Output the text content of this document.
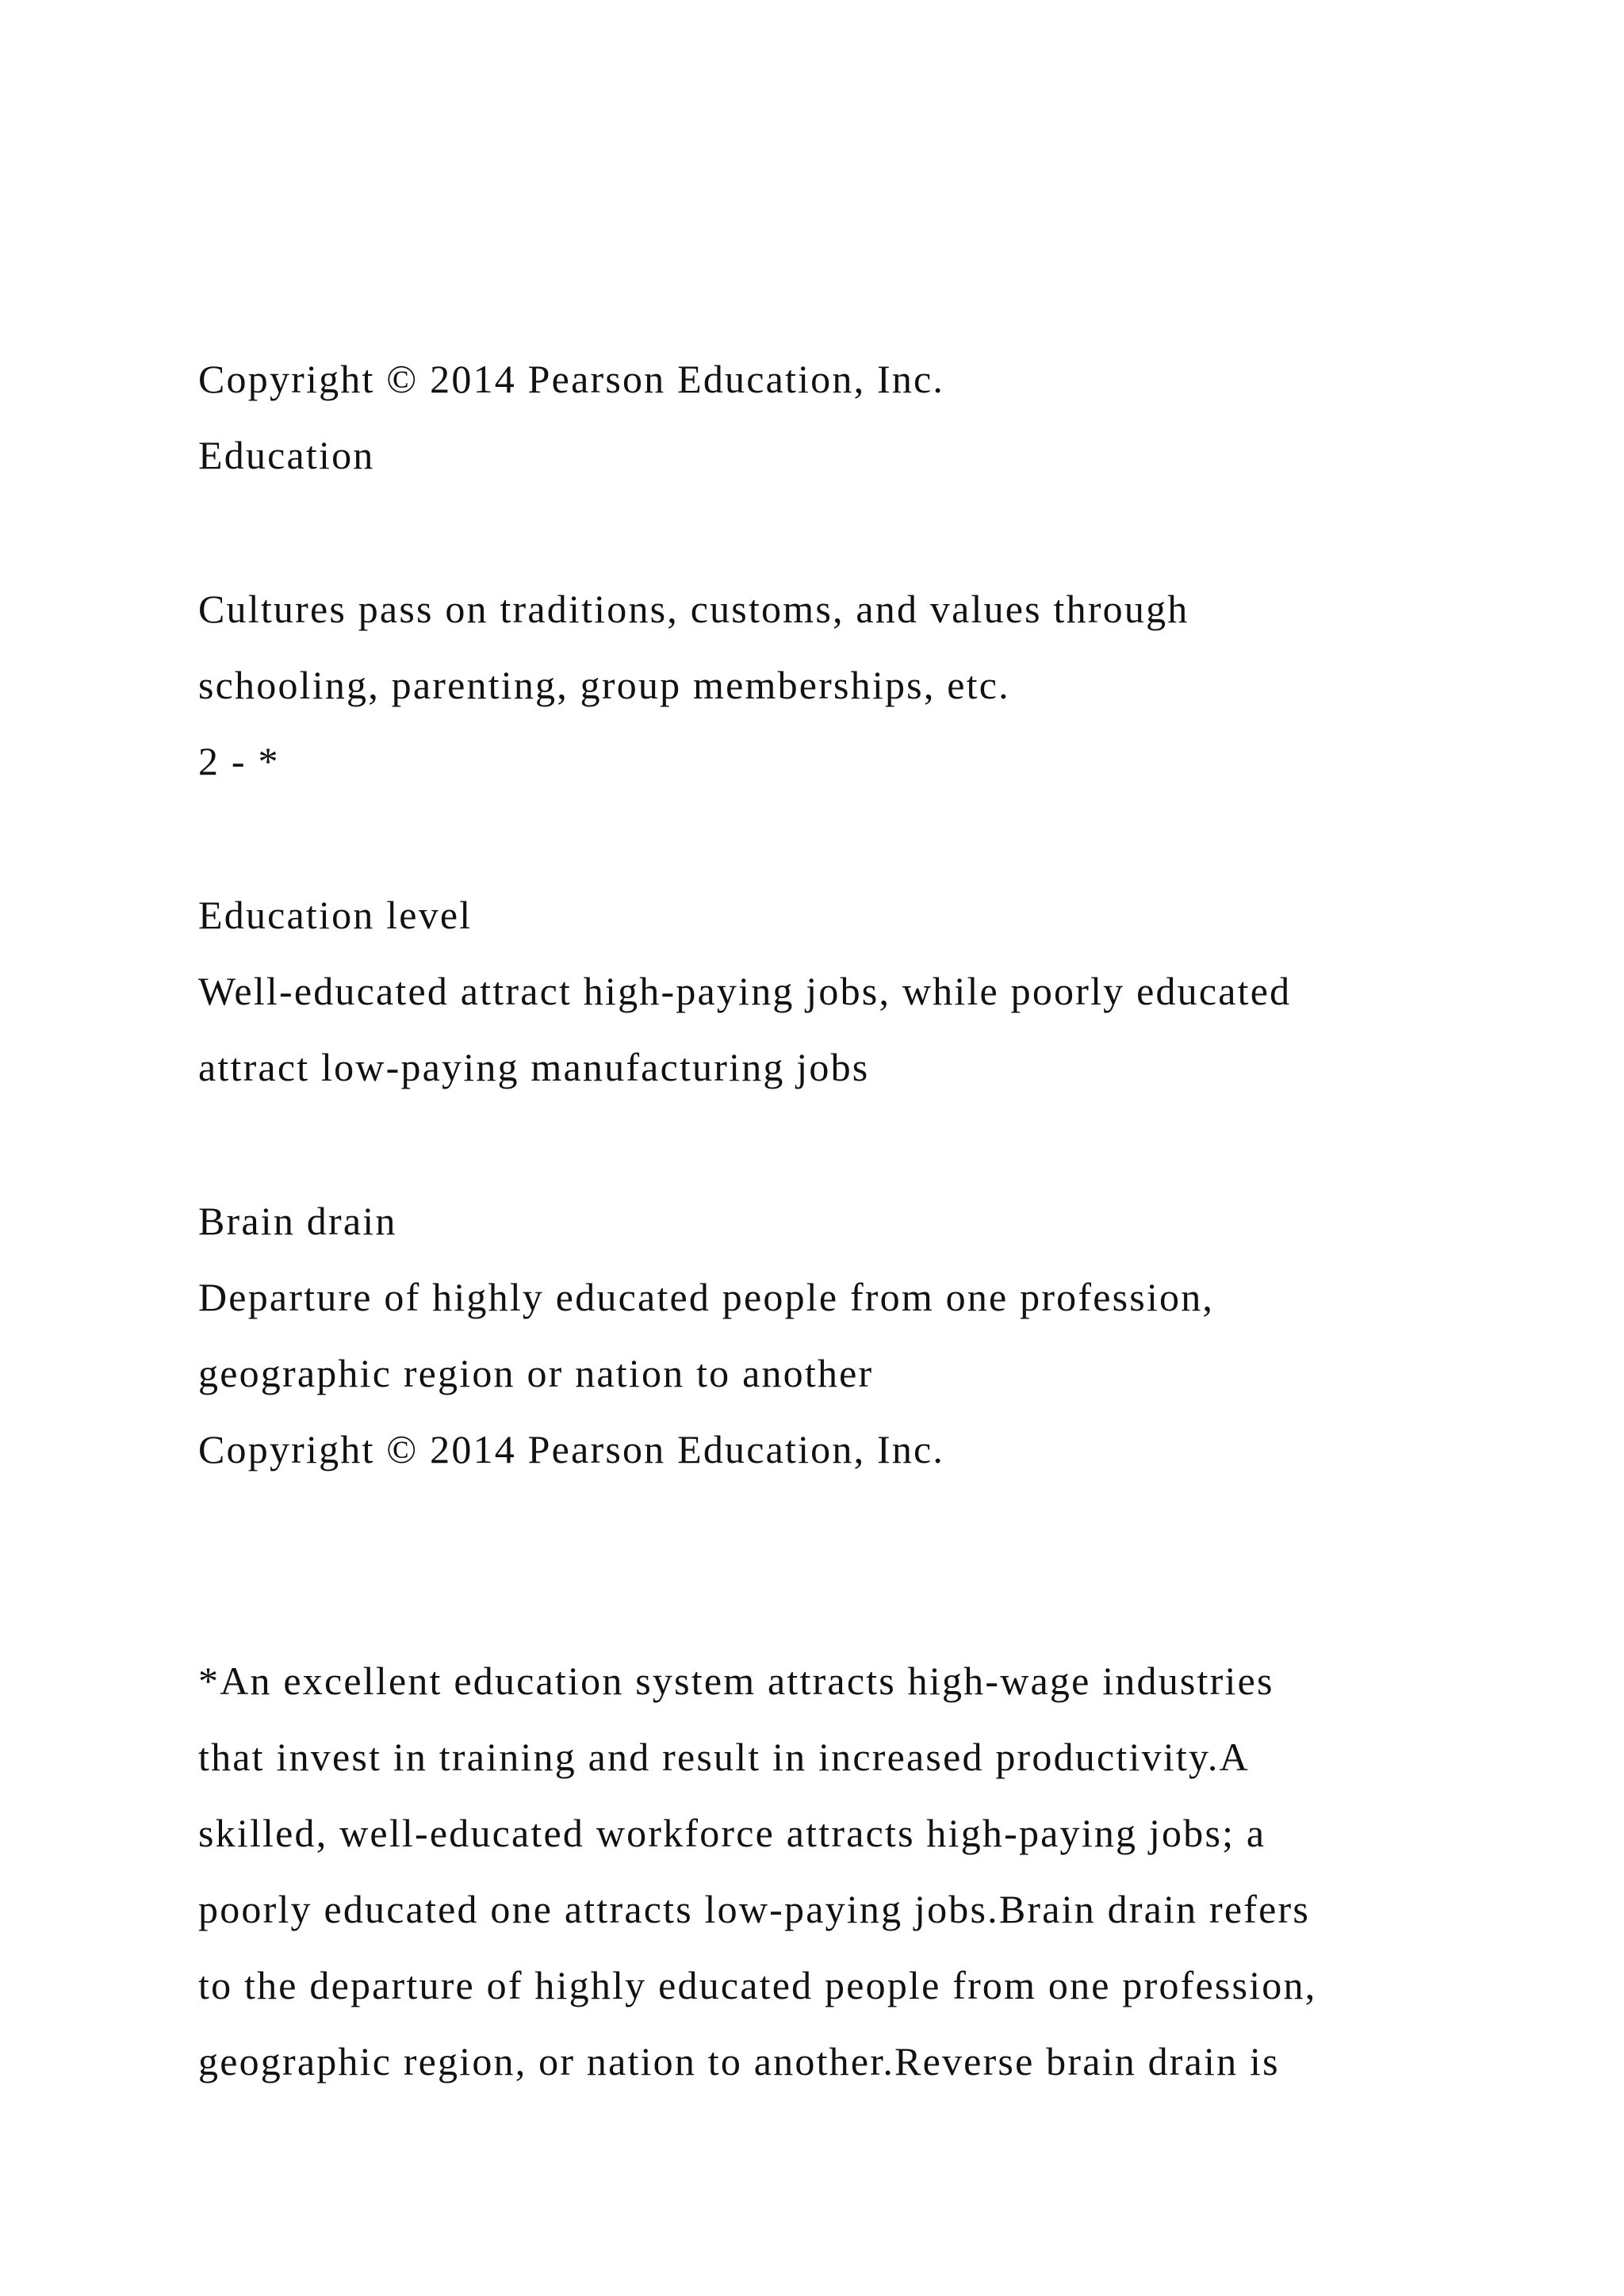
Copyright © 2014 Pearson Education, Inc.
Education
Cultures pass on traditions, customs, and values through
schooling, parenting, group memberships, etc.
2 - *
Education level
Well-educated attract high-paying jobs, while poorly educated
attract low-paying manufacturing jobs
Brain drain
Departure of highly educated people from one profession,
geographic region or nation to another
Copyright © 2014 Pearson Education, Inc.
*An excellent education system attracts high-wage industries
that invest in training and result in increased productivity.A
skilled, well-educated workforce attracts high-paying jobs; a
poorly educated one attracts low-paying jobs.Brain drain refers
to the departure of highly educated people from one profession,
geographic region, or nation to another.Reverse brain drain is
